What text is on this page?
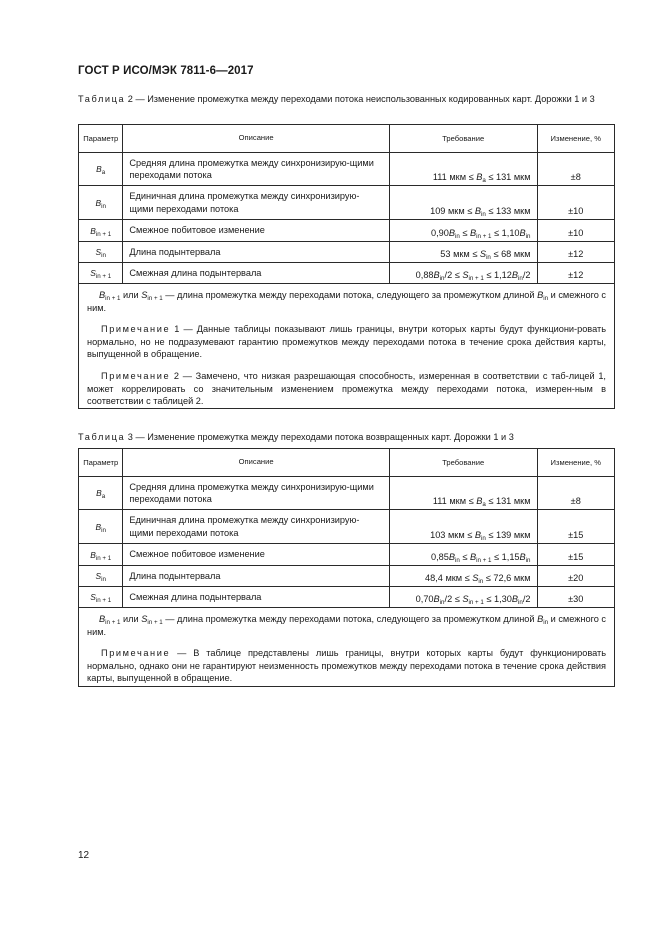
ГОСТ Р ИСО/МЭК 7811-6—2017
Таблица 2 — Изменение промежутка между переходами потока неиспользованных кодированных карт. Дорожки 1 и 3
Параметр	Описание	Требование	Изменение, %
$B_a$	Средняя длина промежутка между синхронизирую-щими переходами потока	111 мкм ≤ $B_a \le 131$ мкм	±8
$B_{in}$	Единичная длина промежутка между синхронизирую-щими переходами потока	109 мкм ≤ $B_{in} \le 133$ мкм	±10
$B_{in + 1}$	Смежное побитовое изменение	$0,90B_{in} \le B_{in + 1} \le 1,10B_{in}$	±10
$S_{in}$	Длина подынтервала	53 мкм ≤ $S_{in} \le 68$ мкм	±12
$S_{in + 1}$	Смежная длина подынтервала	$0,88B_{in}/2 \le S_{in + 1} \le 1,12B_{in}/2$	±12

$B_{in + 1}$ или $S_{in + 1}$ — длина промежутка между переходами потока, следующего за промежутком длиной $B_{in}$ и смежного с ним.

Примечание 1 — Данные таблицы показывают лишь границы, внутри которых карты будут функциони-ровать нормально, но не подразумевают гарантию промежутков между переходами потока в течение срока действия карты, выпущенной в обращение.

Примечание 2 — Замечено, что низкая разрешающая способность, измеренная в соответствии с таб-лицей 1, может коррелировать со значительным изменением промежутка между переходами потока, измерен-ным в соответствии с таблицей 2.			

Таблица 3 — Изменение промежутка между переходами потока возвращенных карт. Дорожки 1 и 3
Параметр	Описание	Требование	Изменение, %
$B_a$	Средняя длина промежутка между синхронизирую-щими переходами потока	111 мкм ≤ $B_a \le 131$ мкм	±8
$B_{in}$	Единичная длина промежутка между синхронизирую-щими переходами потока	103 мкм ≤ $B_{in} \le 139$ мкм	±15
$B_{in + 1}$	Смежное побитовое изменение	$0,85B_{in} \le B_{in + 1} \le 1,15B_{in}$	±15
$S_{in}$	Длина подынтервала	48,4 мкм ≤ $S_{in} \le 72,6$ мкм	±20
$S_{in + 1}$	Смежная длина подынтервала	$0,70B_{in}/2 \le S_{in + 1} \le 1,30B_{in}/2$	±30

$B_{in + 1}$ или $S_{in + 1}$ — длина промежутка между переходами потока, следующего за промежутком длиной $B_{in}$ и смежного с ним.

Примечание — В таблице представлены лишь границы, внутри которых карты будут функционировать нормально, однако они не гарантируют неизменность промежутков между переходами потока в течение срока действия карты, выпущенной в обращение.			

12
